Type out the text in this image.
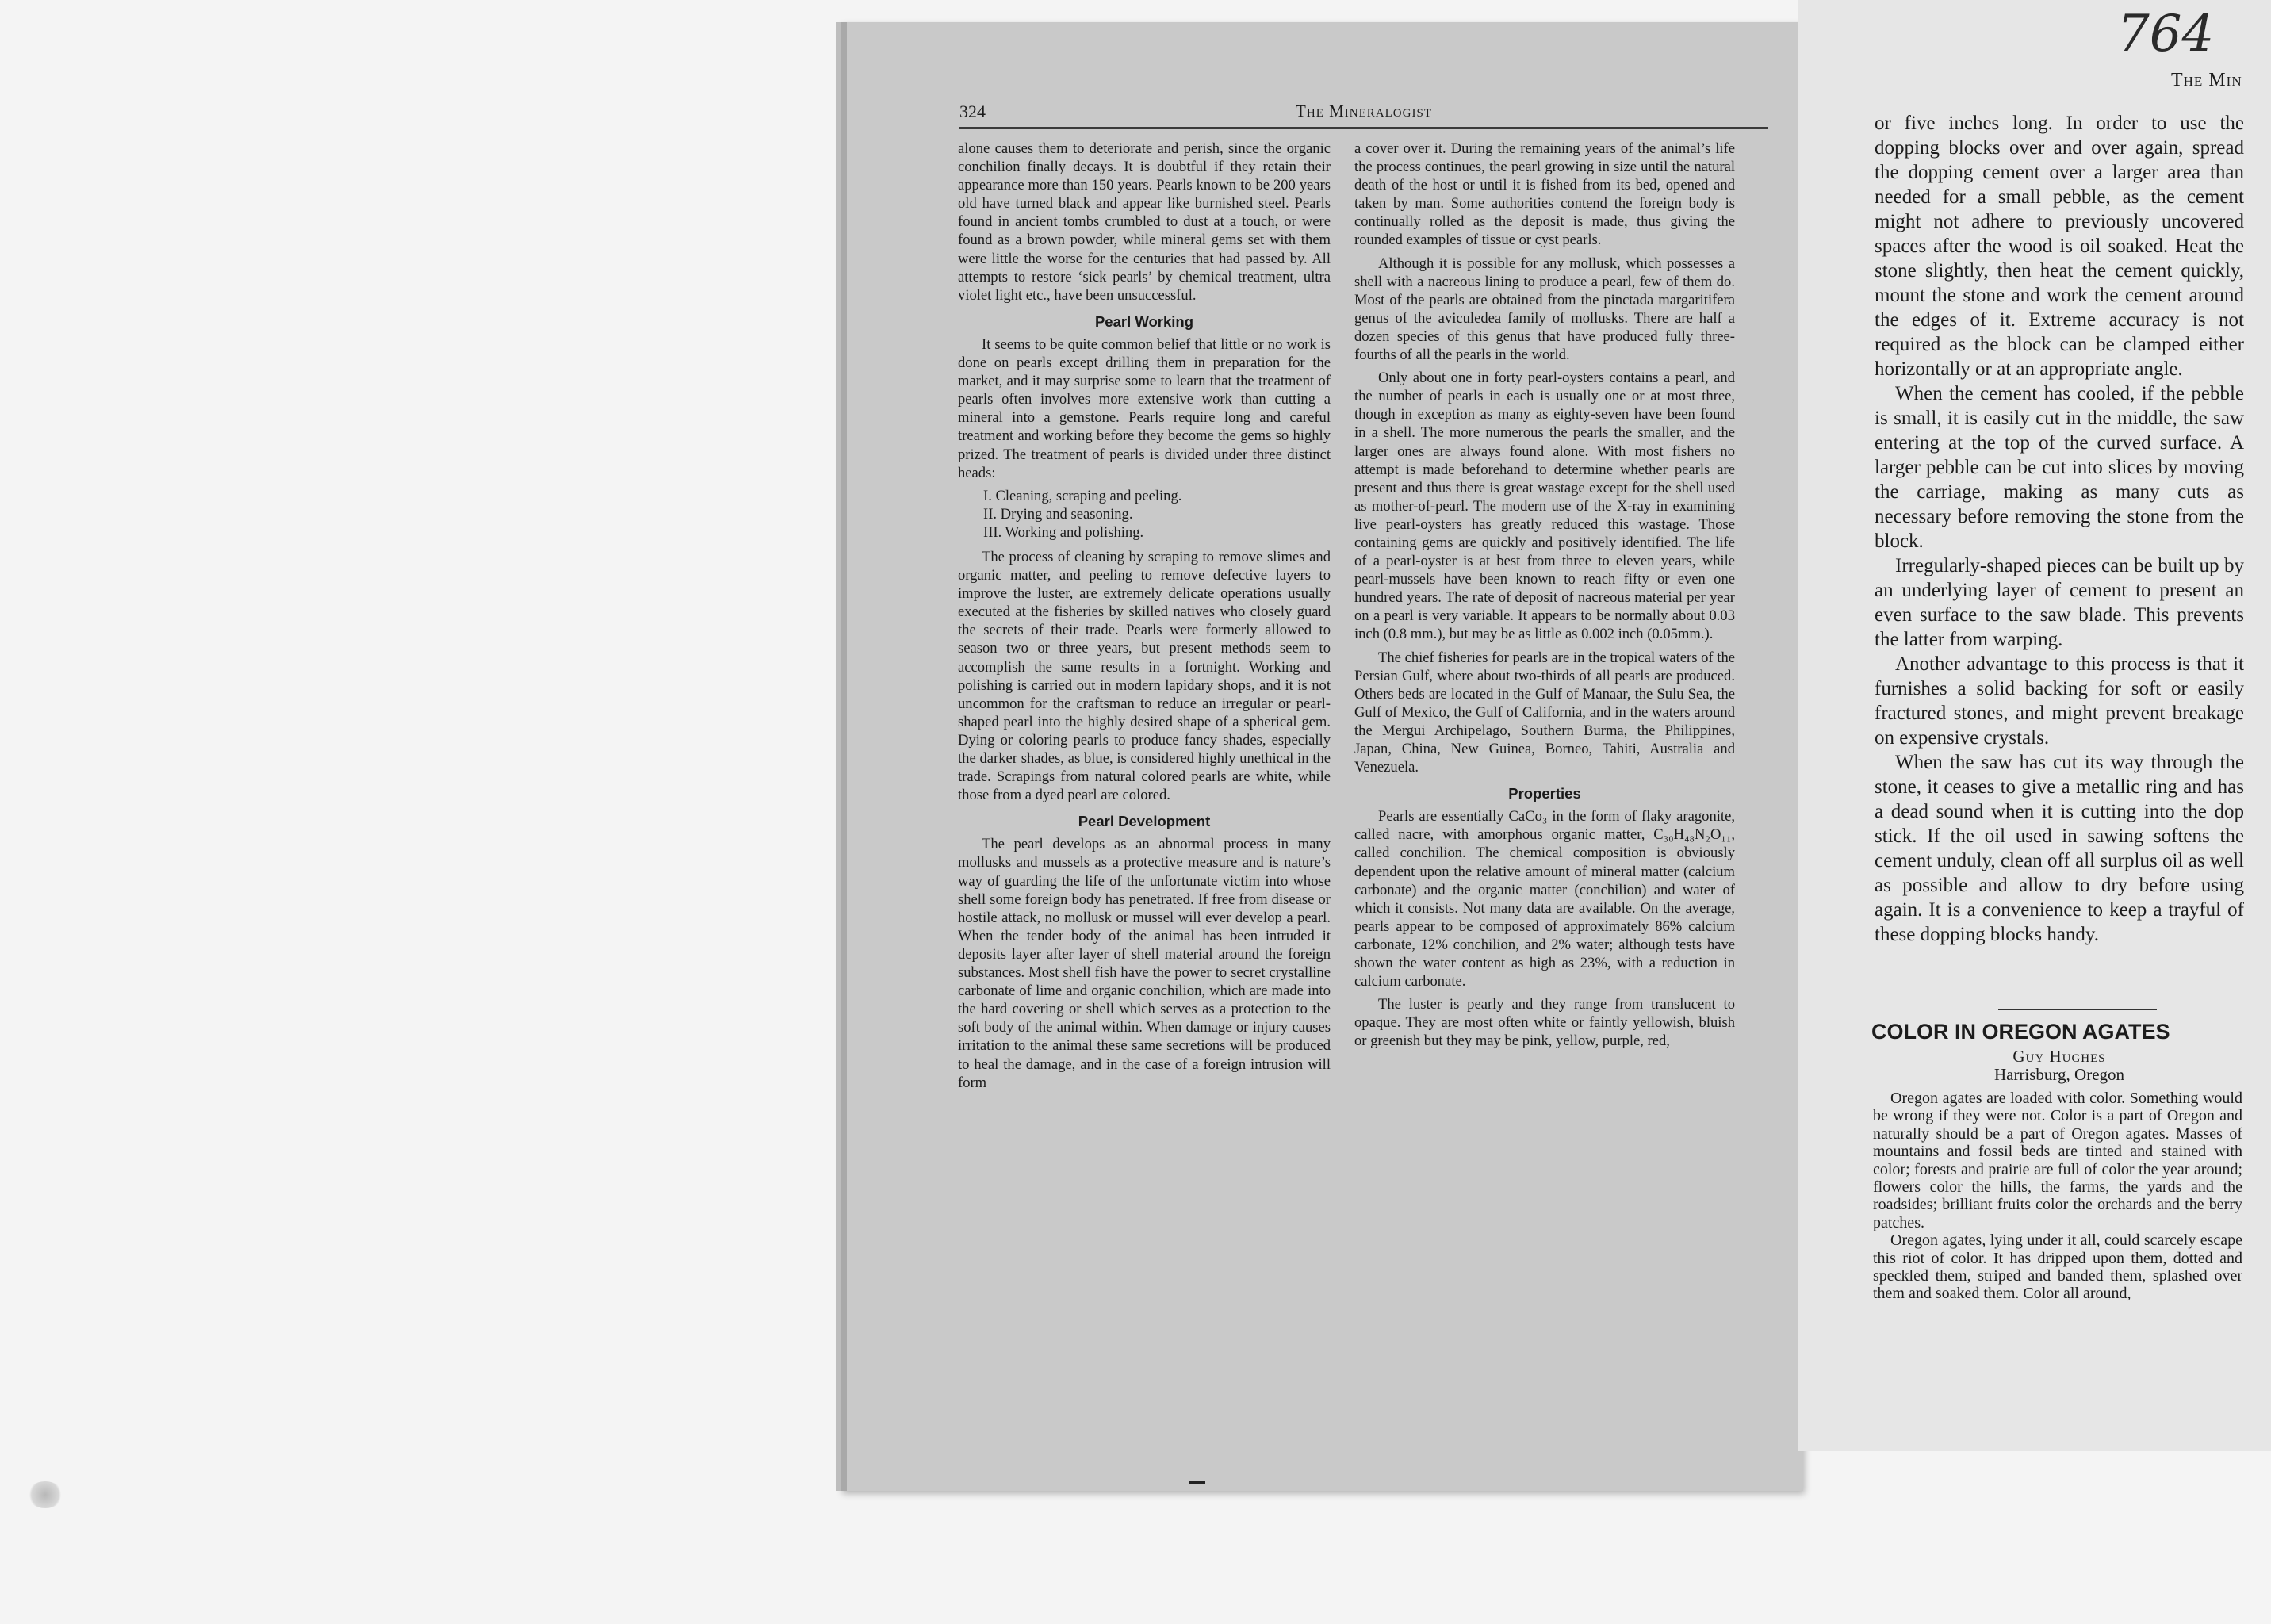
324	The Mineralogist

alone causes them to deteriorate and perish, since the organic conchilion finally decays. It is doubtful if they retain their appearance more than 150 years. Pearls known to be 200 years old have turned black and appear like burnished steel. Pearls found in ancient tombs crumbled to dust at a touch, or were found as a brown powder, while mineral gems set with them were little the worse for the centuries that had passed by. All attempts to restore ‘sick pearls’ by chemical treatment, ultra violet light etc., have been unsuccessful.

Pearl Working

It seems to be quite common belief that little or no work is done on pearls except drilling them in preparation for the market, and it may surprise some to learn that the treatment of pearls often involves more extensive work than cutting a mineral into a gemstone. Pearls require long and careful treatment and working before they become the gems so highly prized. The treatment of pearls is divided under three distinct heads:

I. Cleaning, scraping and peeling.
II. Drying and seasoning.
III. Working and polishing.

The process of cleaning by scraping to remove slimes and organic matter, and peeling to remove defective layers to improve the luster, are extremely delicate operations usually executed at the fisheries by skilled natives who closely guard the secrets of their trade. Pearls were formerly allowed to season two or three years, but present methods seem to accomplish the same results in a fortnight. Working and polishing is carried out in modern lapidary shops, and it is not uncommon for the craftsman to reduce an irregular or pearl-shaped pearl into the highly desired shape of a spherical gem. Dying or coloring pearls to produce fancy shades, especially the darker shades, as blue, is considered highly unethical in the trade. Scrapings from natural colored pearls are white, while those from a dyed pearl are colored.

Pearl Development

The pearl develops as an abnormal process in many mollusks and mussels as a protective measure and is nature’s way of guarding the life of the unfortunate victim into whose shell some foreign body has penetrated. If free from disease or hostile attack, no mollusk or mussel will ever develop a pearl. When the tender body of the animal has been intruded it deposits layer after layer of shell material around the foreign substances. Most shell fish have the power to secret crystalline carbonate of lime and organic conchilion, which are made into the hard covering or shell which serves as a protection to the soft body of the animal within. When damage or injury causes irritation to the animal these same secretions will be produced to heal the damage, and in the case of a foreign intrusion will form

a cover over it. During the remaining years of the animal’s life the process continues, the pearl growing in size until the natural death of the host or until it is fished from its bed, opened and taken by man. Some authorities contend the foreign body is continually rolled as the deposit is made, thus giving the rounded examples of tissue or cyst pearls.

Although it is possible for any mollusk, which possesses a shell with a nacreous lining to produce a pearl, few of them do. Most of the pearls are obtained from the pinctada margaritifera genus of the aviculedea family of mollusks. There are half a dozen species of this genus that have produced fully three-fourths of all the pearls in the world.

Only about one in forty pearl-oysters contains a pearl, and the number of pearls in each is usually one or at most three, though in exception as many as eighty-seven have been found in a shell. The more numerous the pearls the smaller, and the larger ones are always found alone. With most fishers no attempt is made beforehand to determine whether pearls are present and thus there is great wastage except for the shell used as mother-of-pearl. The modern use of the X-ray in examining live pearl-oysters has greatly reduced this wastage. Those containing gems are quickly and positively identified. The life of a pearl-oyster is at best from three to eleven years, while pearl-mussels have been known to reach fifty or even one hundred years. The rate of deposit of nacreous material per year on a pearl is very variable. It appears to be normally about 0.03 inch (0.8 mm.), but may be as little as 0.002 inch (0.05mm.).

The chief fisheries for pearls are in the tropical waters of the Persian Gulf, where about two-thirds of all pearls are produced. Others beds are located in the Gulf of Manaar, the Sulu Sea, the Gulf of Mexico, the Gulf of California, and in the waters around the Mergui Archipelago, Southern Burma, the Philippines, Japan, China, New Guinea, Borneo, Tahiti, Australia and Venezuela.

Properties

Pearls are essentially CaCo₃ in the form of flaky aragonite, called nacre, with amorphous organic matter, C₃₀H₄₈N₂O₁₁, called conchilion. The chemical composition is obviously dependent upon the relative amount of mineral matter (calcium carbonate) and the organic matter (conchilion) and water of which it consists. Not many data are available. On the average, pearls appear to be composed of approximately 86% calcium carbonate, 12% conchilion, and 2% water; although tests have shown the water content as high as 23%, with a reduction in calcium carbonate.

The luster is pearly and they range from translucent to opaque. They are most often white or faintly yellowish, bluish or greenish but they may be pink, yellow, purple, red,

764
The Min

or five inches long. In order to use the dopping blocks over and over again, spread the dopping cement over a larger area than needed for a small pebble, as the cement might not adhere to previously uncovered spaces after the wood is oil soaked. Heat the stone slightly, then heat the cement quickly, mount the stone and work the cement around the edges of it. Extreme accuracy is not required as the block can be clamped either horizontally or at an appropriate angle.

When the cement has cooled, if the pebble is small, it is easily cut in the middle, the saw entering at the top of the curved surface. A larger pebble can be cut into slices by moving the carriage, making as many cuts as necessary before removing the stone from the block.

Irregularly-shaped pieces can be built up by an underlying layer of cement to present an even surface to the saw blade. This prevents the latter from warping.

Another advantage to this process is that it furnishes a solid backing for soft or easily fractured stones, and might prevent breakage on expensive crystals.

When the saw has cut its way through the stone, it ceases to give a metallic ring and has a dead sound when it is cutting into the dop stick. If the oil used in sawing softens the cement unduly, clean off all surplus oil as well as possible and allow to dry before using again. It is a convenience to keep a trayful of these dopping blocks handy.

COLOR IN OREGON AGATES
Guy Hughes
Harrisburg, Oregon

Oregon agates are loaded with color. Something would be wrong if they were not. Color is a part of Oregon and naturally should be a part of Oregon agates. Masses of mountains and fossil beds are tinted and stained with color; forests and prairie are full of color the year around; flowers color the hills, the farms, the yards and the roadsides; brilliant fruits color the orchards and the berry patches.

Oregon agates, lying under it all, could scarcely escape this riot of color. It has dripped upon them, dotted and speckled them, striped and banded them, splashed over them and soaked them. Color all around,
